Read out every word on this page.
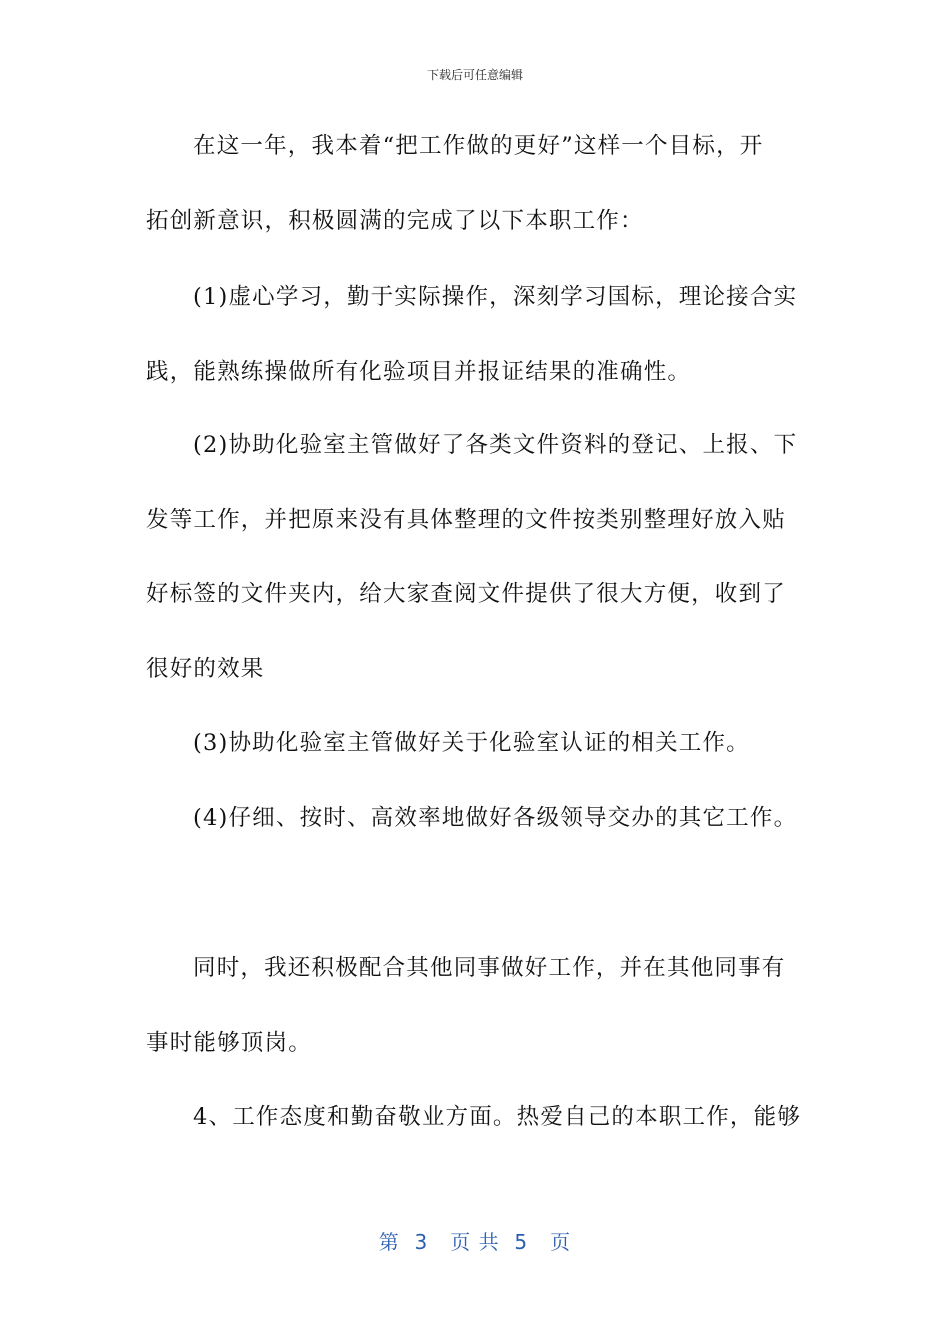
下载后可任意编辑
在这一年，我本着“把工作做的更好”这样一个目标，开
拓创新意识，积极圆满的完成了以下本职工作：
(1)虚心学习，勤于实际操作，深刻学习国标，理论接合实
践，能熟练操做所有化验项目并报证结果的准确性。
(2)协助化验室主管做好了各类文件资料的登记、上报、下
发等工作，并把原来没有具体整理的文件按类别整理好放入贴
好标签的文件夹内，给大家查阅文件提供了很大方便，收到了
很好的效果
(3)协助化验室主管做好关于化验室认证的相关工作。
(4)仔细、按时、高效率地做好各级领导交办的其它工作。
同时，我还积极配合其他同事做好工作，并在其他同事有
事时能够顶岗。
4、工作态度和勤奋敬业方面。热爱自己的本职工作，能够
第  3   页 共  5   页
